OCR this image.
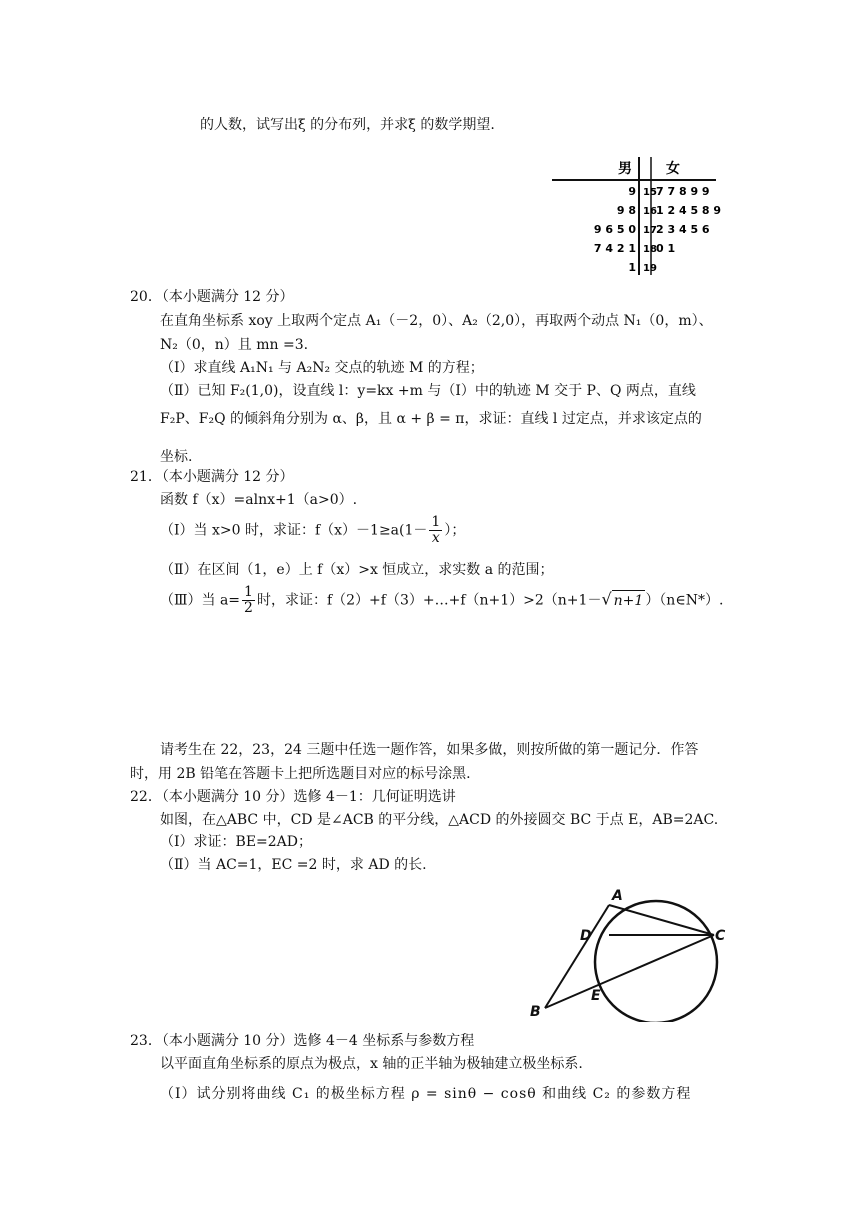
的人数，试写出ξ 的分布列，并求ξ 的数学期望.
男 女
9 15 7 7 8 9 9
9 8 16 1 2 4 5 8 9
9 6 5 0 17 2 3 4 5 6
7 4 2 1 18 0 1
1 19
20．（本小题满分 12 分）
在直角坐标系 xoy 上取两个定点 A₁（－2，0）、A₂（2,0），再取两个动点 N₁（0，m）、
N₂（0，n）且 mn =3.
（Ⅰ）求直线 A₁N₁ 与 A₂N₂ 交点的轨迹 M 的方程；
（Ⅱ）已知 F₂(1,0)，设直线 l：y=kx +m 与（Ⅰ）中的轨迹 M 交于 P、Q 两点，直线
F₂P、F₂Q 的倾斜角分别为 α、β，且 α + β = π，求证：直线 l 过定点，并求该定点的
坐标.
21．（本小题满分 12 分）
函数 f（x）=alnx+1（a>0）.
（Ⅰ）当 x>0 时，求证：$f(x)-1\ge a(1- \frac{1}{x}$ ）；
（Ⅱ）在区间（1，e）上 f（x）>x 恒成立，求实数 a 的范围；
（Ⅲ）当 $a= \frac{1}{2}$ 时，求证：f（2）+f（3）+…+f（n+1）>2（n+1－√ n+1 ）（n∈N*）.
请考生在 22，23，24 三题中任选一题作答，如果多做，则按所做的第一题记分．作答
时，用 2B 铅笔在答题卡上把所选题目对应的标号涂黑.
22．（本小题满分 10 分）选修 4－1：几何证明选讲
如图，在△ABC 中，CD 是∠ACB 的平分线，△ACD 的外接圆交 BC 于点 E，AB=2AC.
（Ⅰ）求证：BE=2AD；
（Ⅱ）当 AC=1，EC =2 时，求 AD 的长.
A
D	C
E
B
23．（本小题满分 10 分）选修 4－4 坐标系与参数方程
以平面直角坐标系的原点为极点，x 轴的正半轴为极轴建立极坐标系.
（Ⅰ）试分别将曲线 C₁ 的极坐标方程 ρ = sinθ − cosθ 和曲线 C₂ 的参数方程
